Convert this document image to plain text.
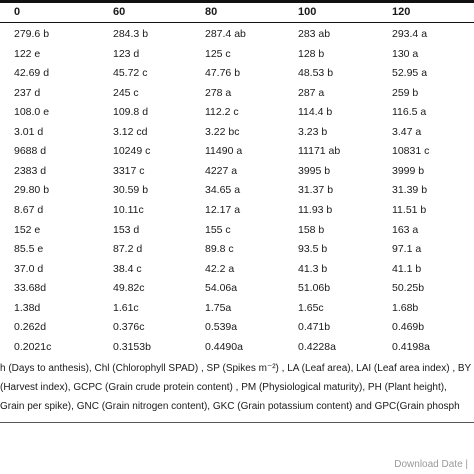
0	60	80	100	120
279.6 b	284.3 b	287.4 ab	283 ab	293.4 a
122 e	123 d	125 c	128 b	130 a
42.69 d	45.72 c	47.76 b	48.53 b	52.95 a
237 d	245 c	278 a	287 a	259 b
108.0 e	109.8 d	112.2 c	114.4 b	116.5 a
3.01 d	3.12 cd	3.22 bc	3.23 b	3.47 a
9688 d	10249 c	11490 a	11171 ab	10831 c
2383 d	3317 c	4227 a	3995 b	3999 b
29.80 b	30.59 b	34.65 a	31.37 b	31.39 b
8.67 d	10.11c	12.17 a	11.93 b	11.51 b
152 e	153 d	155 c	158 b	163 a
85.5 e	87.2 d	89.8 c	93.5 b	97.1 a
37.0 d	38.4 c	42.2 a	41.3 b	41.1 b
33.68d	49.82c	54.06a	51.06b	50.25b
1.38d	1.61c	1.75a	1.65c	1.68b
0.262d	0.376c	0.539a	0.471b	0.469b
0.2021c	0.3153b	0.4490a	0.4228a	0.4198a
h (Days to anthesis), Chl (Chlorophyll SPAD) , SP (Spikes m⁻²) , LA (Leaf area), LAI (Leaf area index) , BY
(Harvest index), GCPC (Grain crude protein content) , PM (Physiological maturity), PH (Plant height),
Grain per spike), GNC (Grain nitrogen content), GKC (Grain potassium content) and GPC(Grain phosph
Download Date |
